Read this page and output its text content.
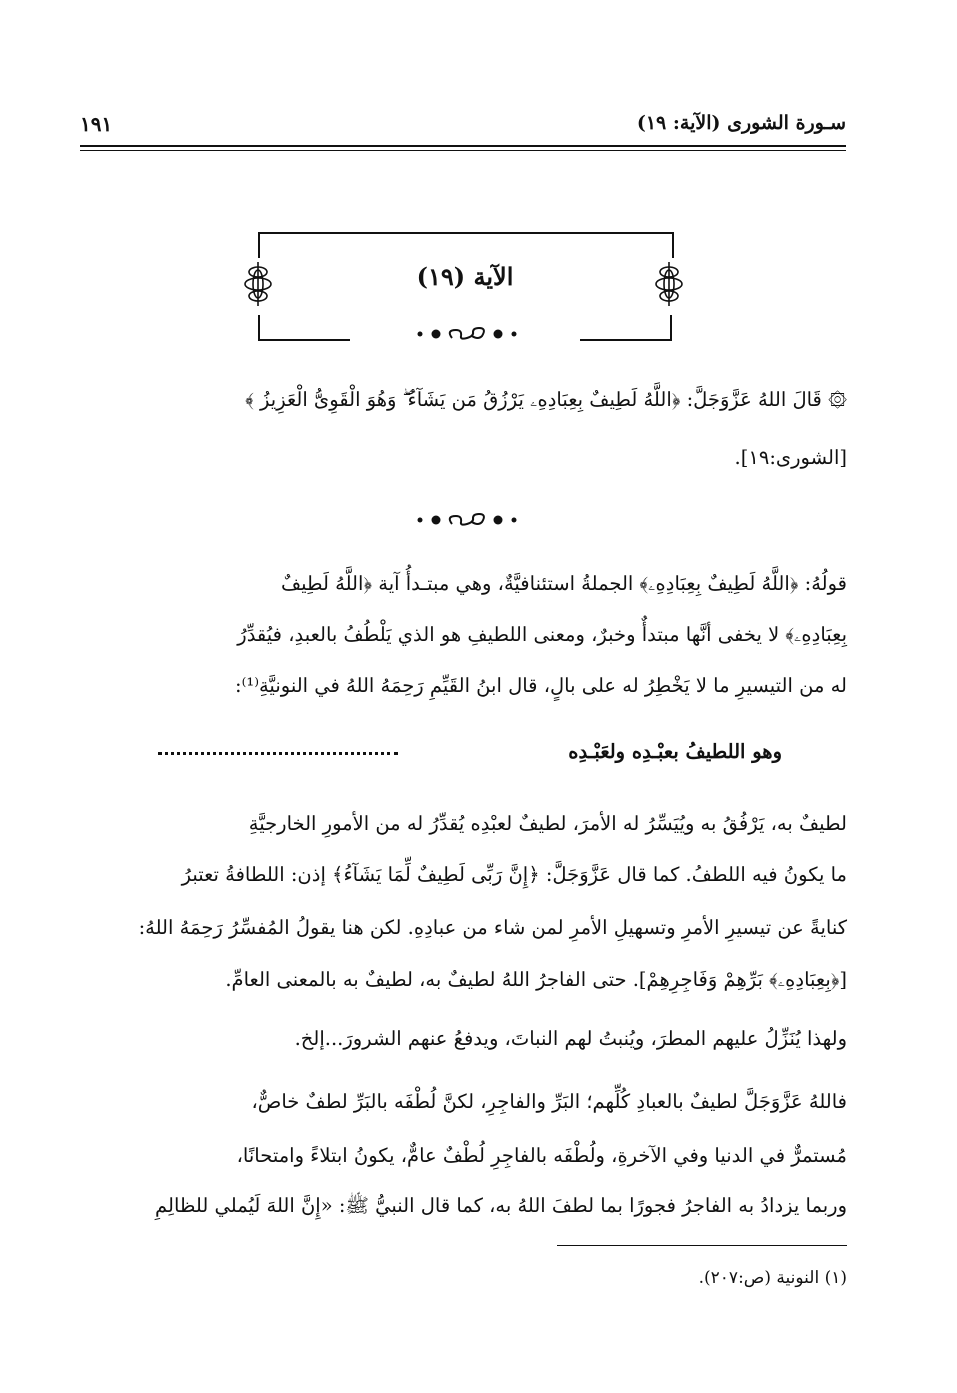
سـورة الشورى (الآية: ١٩)
١٩١
الآية (١٩)
۞ قَالَ اللهُ عَزَّوَجَلَّ: ﴿اللَّهُ لَطِيفٌ بِعِبَادِهِۦ يَرْزُقُ مَن يَشَآءُ ۖ وَهُوَ الْقَوِىُّ الْعَزِيزُ ﴾
[الشورى:١٩].
قولُهُ: ﴿اللَّهُ لَطِيفٌ بِعِبَادِهِۦ﴾ الجملةُ استئنافيَّةٌ، وهي مبتـدأُ آية ﴿اللَّهُ لَطِيفٌ
بِعِبَادِهِۦ﴾ لا يخفى أنَّها مبتدأٌ وخبرٌ، ومعنى اللطيفِ هو الذي يَلْطُفُ بالعبدِ، فيُقدِّرُ
له من التيسيرِ ما لا يَخْطِرُ له على بالٍ، قال ابنُ القَيِّمِ رَحِمَهُ اللهُ في النونيَّةِ⁽¹⁾:
وهو اللطيفُ بعبْـدِه ولعَبْـدِه
لطيفٌ به، يَرْفُقُ به ويُيَسِّرُ له الأمرَ، لطيفٌ لعبْدِه يُقدِّرُ له من الأمورِ الخارجيَّةِ
ما يكونُ فيه اللطفُ. كما قال عَزَّوَجَلَّ: ﴿إِنَّ رَبِّى لَطِيفٌ لِّمَا يَشَآءُ﴾ إذن: اللطافةُ تعتبرُ
كنايةً عن تيسيرِ الأمرِ وتسهيلِ الأمرِ لمن شاء من عبادِهِ. لكن هنا يقولُ المُفسِّرُ رَحِمَهُ اللهُ:
[﴿بِعِبَادِهِۦ﴾ بَرِّهِمْ وَفَاجِرِهِمْ]. حتى الفاجرُ اللهُ لطيفٌ به، لطيفٌ به بالمعنى العامِّ.
ولهذا يُنَزِّلُ عليهم المطرَ، ويُنبتُ لهم النباتَ، ويدفعُ عنهم الشرورَ...إلخ.
فاللهُ عَزَّوَجَلَّ لطيفٌ بالعبادِ كُلِّهم؛ البَرِّ والفاجِرِ، لكنَّ لُطْفَه بالبَرِّ لطفٌ خاصٌّ،
مُستمرٌّ في الدنيا وفي الآخرةِ، ولُطْفَه بالفاجِرِ لُطْفٌ عامٌّ، يكونُ ابتلاءً وامتحانًا،
وربما يزدادُ به الفاجرُ فجورًا بما لطفَ اللهُ به، كما قال النبيُّ ﷺ: «إِنَّ اللهَ لَيُملي للظالِمِ
(١) النونية (ص:٢٠٧).
